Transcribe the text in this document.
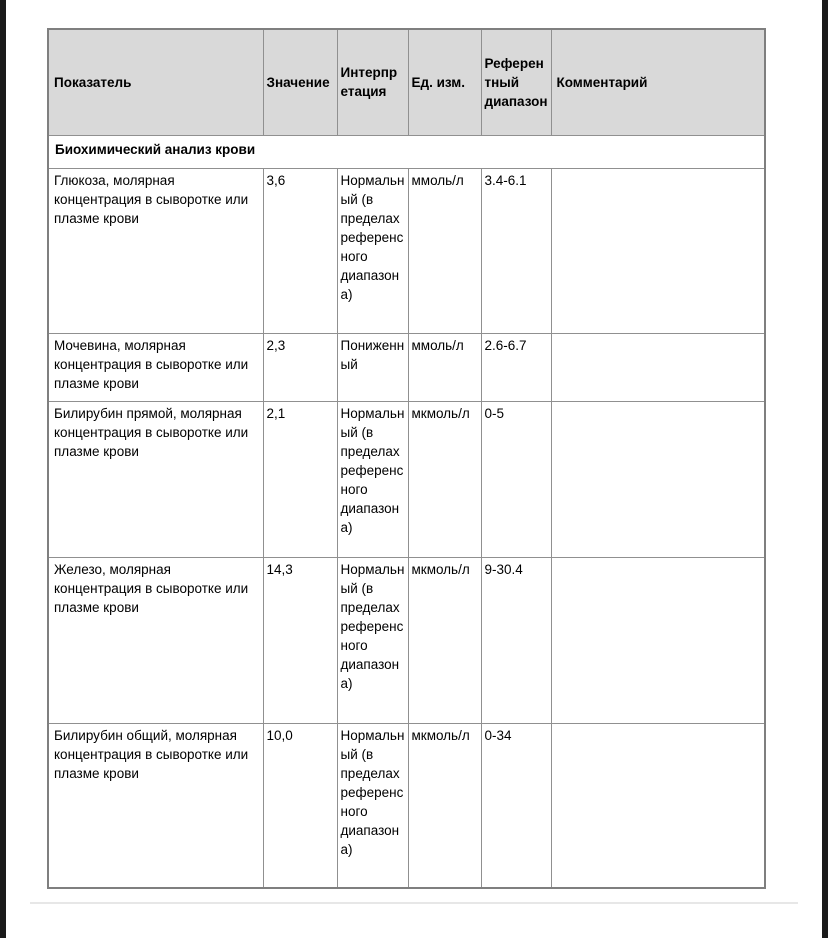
Показатель	Значение	Интерпретация	Ед. изм.	Референтный диапазон	Комментарий
Биохимический анализ крови					
Глюкоза, молярная концентрация в сыворотке или плазме крови	3,6	Нормальный (в пределах референсного диапазона)	ммоль/л	3.4-6.1	
Мочевина, молярная концентрация в сыворотке или плазме крови	2,3	Пониженный	ммоль/л	2.6-6.7	
Билирубин прямой, молярная концентрация в сыворотке или плазме крови	2,1	Нормальный (в пределах референсного диапазона)	мкмоль/л	0-5	
Железо, молярная концентрация в сыворотке или плазме крови	14,3	Нормальный (в пределах референсного диапазона)	мкмоль/л	9-30.4	
Билирубин общий, молярная концентрация в сыворотке или плазме крови	10,0	Нормальный (в пределах референсного диапазона)	мкмоль/л	0-34	
